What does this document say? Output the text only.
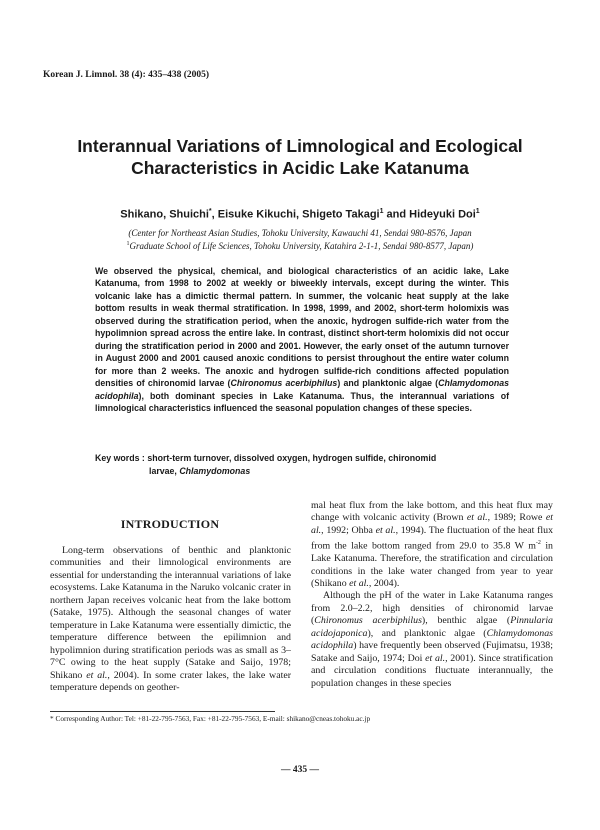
Korean J. Limnol. 38 (4): 435–438 (2005)
Interannual Variations of Limnological and Ecological
Characteristics in Acidic Lake Katanuma
Shikano, Shuichi*, Eisuke Kikuchi, Shigeto Takagi$^1$ and Hideyuki Doi$^1$
(Center for Northeast Asian Studies, Tohoku University, Kawauchi 41, Sendai 980-8576, Japan
$^1$Graduate School of Life Sciences, Tohoku University, Katahira 2-1-1, Sendai 980-8577, Japan)
We observed the physical, chemical, and biological characteristics of an acidic lake, Lake Katanuma, from 1998 to 2002 at weekly or biweekly intervals, except during the winter. This volcanic lake has a dimictic thermal pattern. In summer, the volcanic heat supply at the lake bottom results in weak thermal stratification. In 1998, 1999, and 2002, short-term holomixis was observed during the stratification period, when the anoxic, hydrogen sulfide-rich water from the hypolimnion spread across the entire lake. In contrast, distinct short-term holomixis did not occur during the stratification period in 2000 and 2001. However, the early onset of the autumn turnover in August 2000 and 2001 caused anoxic conditions to persist throughout the entire water column for more than 2 weeks. The anoxic and hydrogen sulfide-rich conditions affected population densities of chironomid larvae (Chironomus acerbiphilus) and planktonic algae (Chlamydomonas acidophila), both dominant species in Lake Katanuma. Thus, the interannual variations of limnological characteristics influenced the seasonal population changes of these species.
Key words : short-term turnover, dissolved oxygen, hydrogen sulfide, chironomid
larvae, Chlamydomonas
INTRODUCTION

Long-term observations of benthic and planktonic communities and their limnological environments are essential for understanding the interannual variations of lake ecosystems. Lake Katanuma in the Naruko volcanic crater in northern Japan receives volcanic heat from the lake bottom (Satake, 1975). Although the seasonal changes of water temperature in Lake Katanuma were essentially dimictic, the temperature difference between the epilimnion and hypolimnion during stratification periods was as small as 3–7°C owing to the heat supply (Satake and Saijo, 1978; Shikano et al., 2004). In some crater lakes, the lake water temperature depends on geother-

mal heat flux from the lake bottom, and this heat flux may change with volcanic activity (Brown et al., 1989; Rowe et al., 1992; Ohba et al., 1994). The fluctuation of the heat flux from the lake bottom ranged from 29.0 to 35.8 W $m^{-2}$ in Lake Katanuma. Therefore, the stratification and circulation conditions in the lake water changed from year to year (Shikano et al., 2004).

Although the pH of the water in Lake Katanuma ranges from 2.0–2.2, high densities of chironomid larvae (Chironomus acerbiphilus), benthic algae (Pinnularia acidojaponica), and planktonic algae (Chlamydomonas acidophila) have frequently been observed (Fujimatsu, 1938; Satake and Saijo, 1974; Doi et al., 2001). Since stratification and circulation conditions fluctuate interannually, the population changes in these species

* Corresponding Author: Tel: +81-22-795-7563, Fax: +81-22-795-7563, E-mail: shikano@cneas.tohoku.ac.jp
— 435 —
